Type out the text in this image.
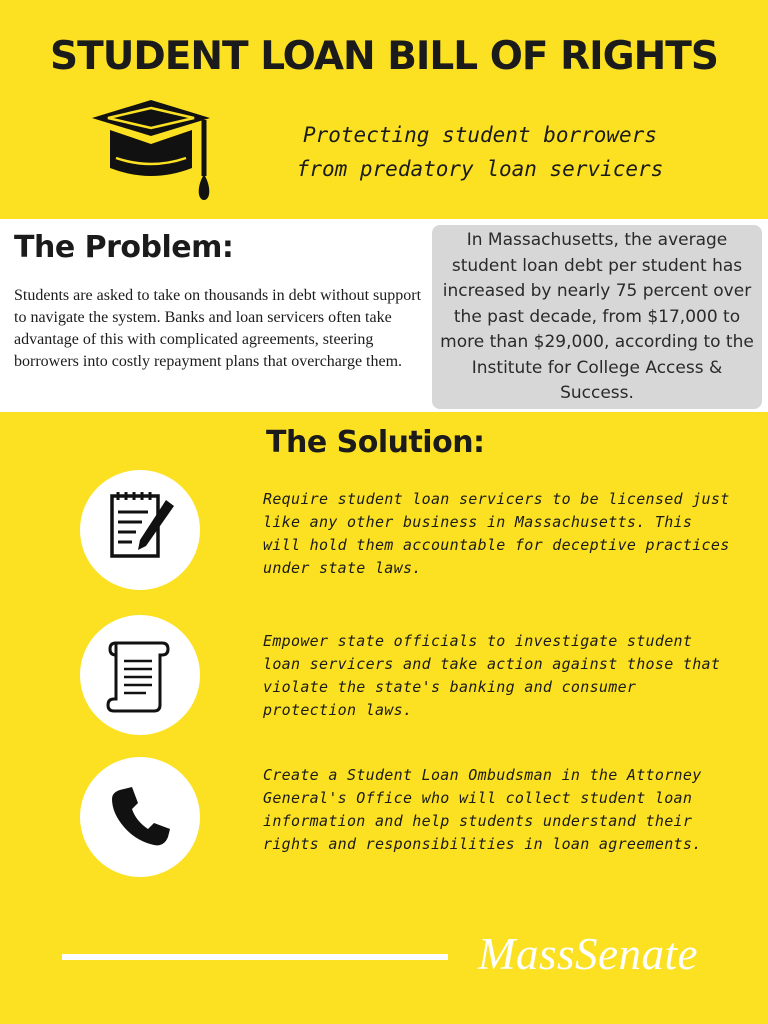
STUDENT LOAN BILL OF RIGHTS
Protecting student borrowers
from predatory loan servicers
The Problem:
Students are asked to take on thousands in debt without support to navigate the system. Banks and loan servicers often take advantage of this with complicated agreements, steering borrowers into costly repayment plans that overcharge them.
In Massachusetts, the average student loan debt per student has increased by nearly 75 percent over the past decade, from $17,000 to more than $29,000, according to the Institute for College Access & Success.
The Solution:
Require student loan servicers to be licensed just like any other business in Massachusetts. This will hold them accountable for deceptive practices under state laws.
Empower state officials to investigate student loan servicers and take action against those that violate the state's banking and consumer protection laws.
Create a Student Loan Ombudsman in the Attorney General's Office who will collect student loan information and help students understand their rights and responsibilities in loan agreements.
MassSenate
